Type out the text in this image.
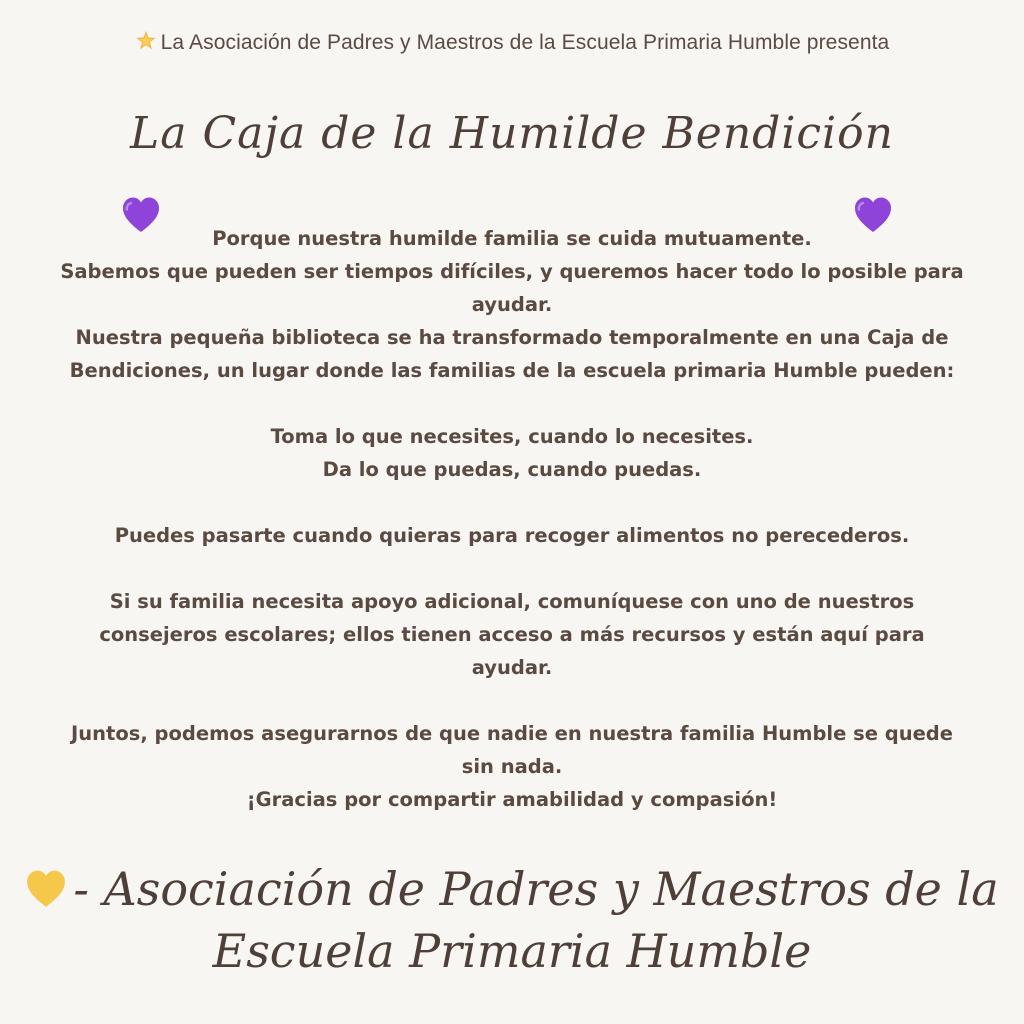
La Asociación de Padres y Maestros de la Escuela Primaria Humble presenta
La Caja de la Humilde Bendición

Porque nuestra humilde familia se cuida mutuamente.

Sabemos que pueden ser tiempos difíciles, y queremos hacer todo lo posible para

ayudar.

Nuestra pequeña biblioteca se ha transformado temporalmente en una Caja de

Bendiciones, un lugar donde las familias de la escuela primaria Humble pueden:

Toma lo que necesites, cuando lo necesites.

Da lo que puedas, cuando puedas.

Puedes pasarte cuando quieras para recoger alimentos no perecederos.

Si su familia necesita apoyo adicional, comuníquese con uno de nuestros

consejeros escolares; ellos tienen acceso a más recursos y están aquí para

ayudar.

Juntos, podemos asegurarnos de que nadie en nuestra familia Humble se quede

sin nada.

¡Gracias por compartir amabilidad y compasión!

- Asociación de Padres y Maestros de la
Escuela Primaria Humble
